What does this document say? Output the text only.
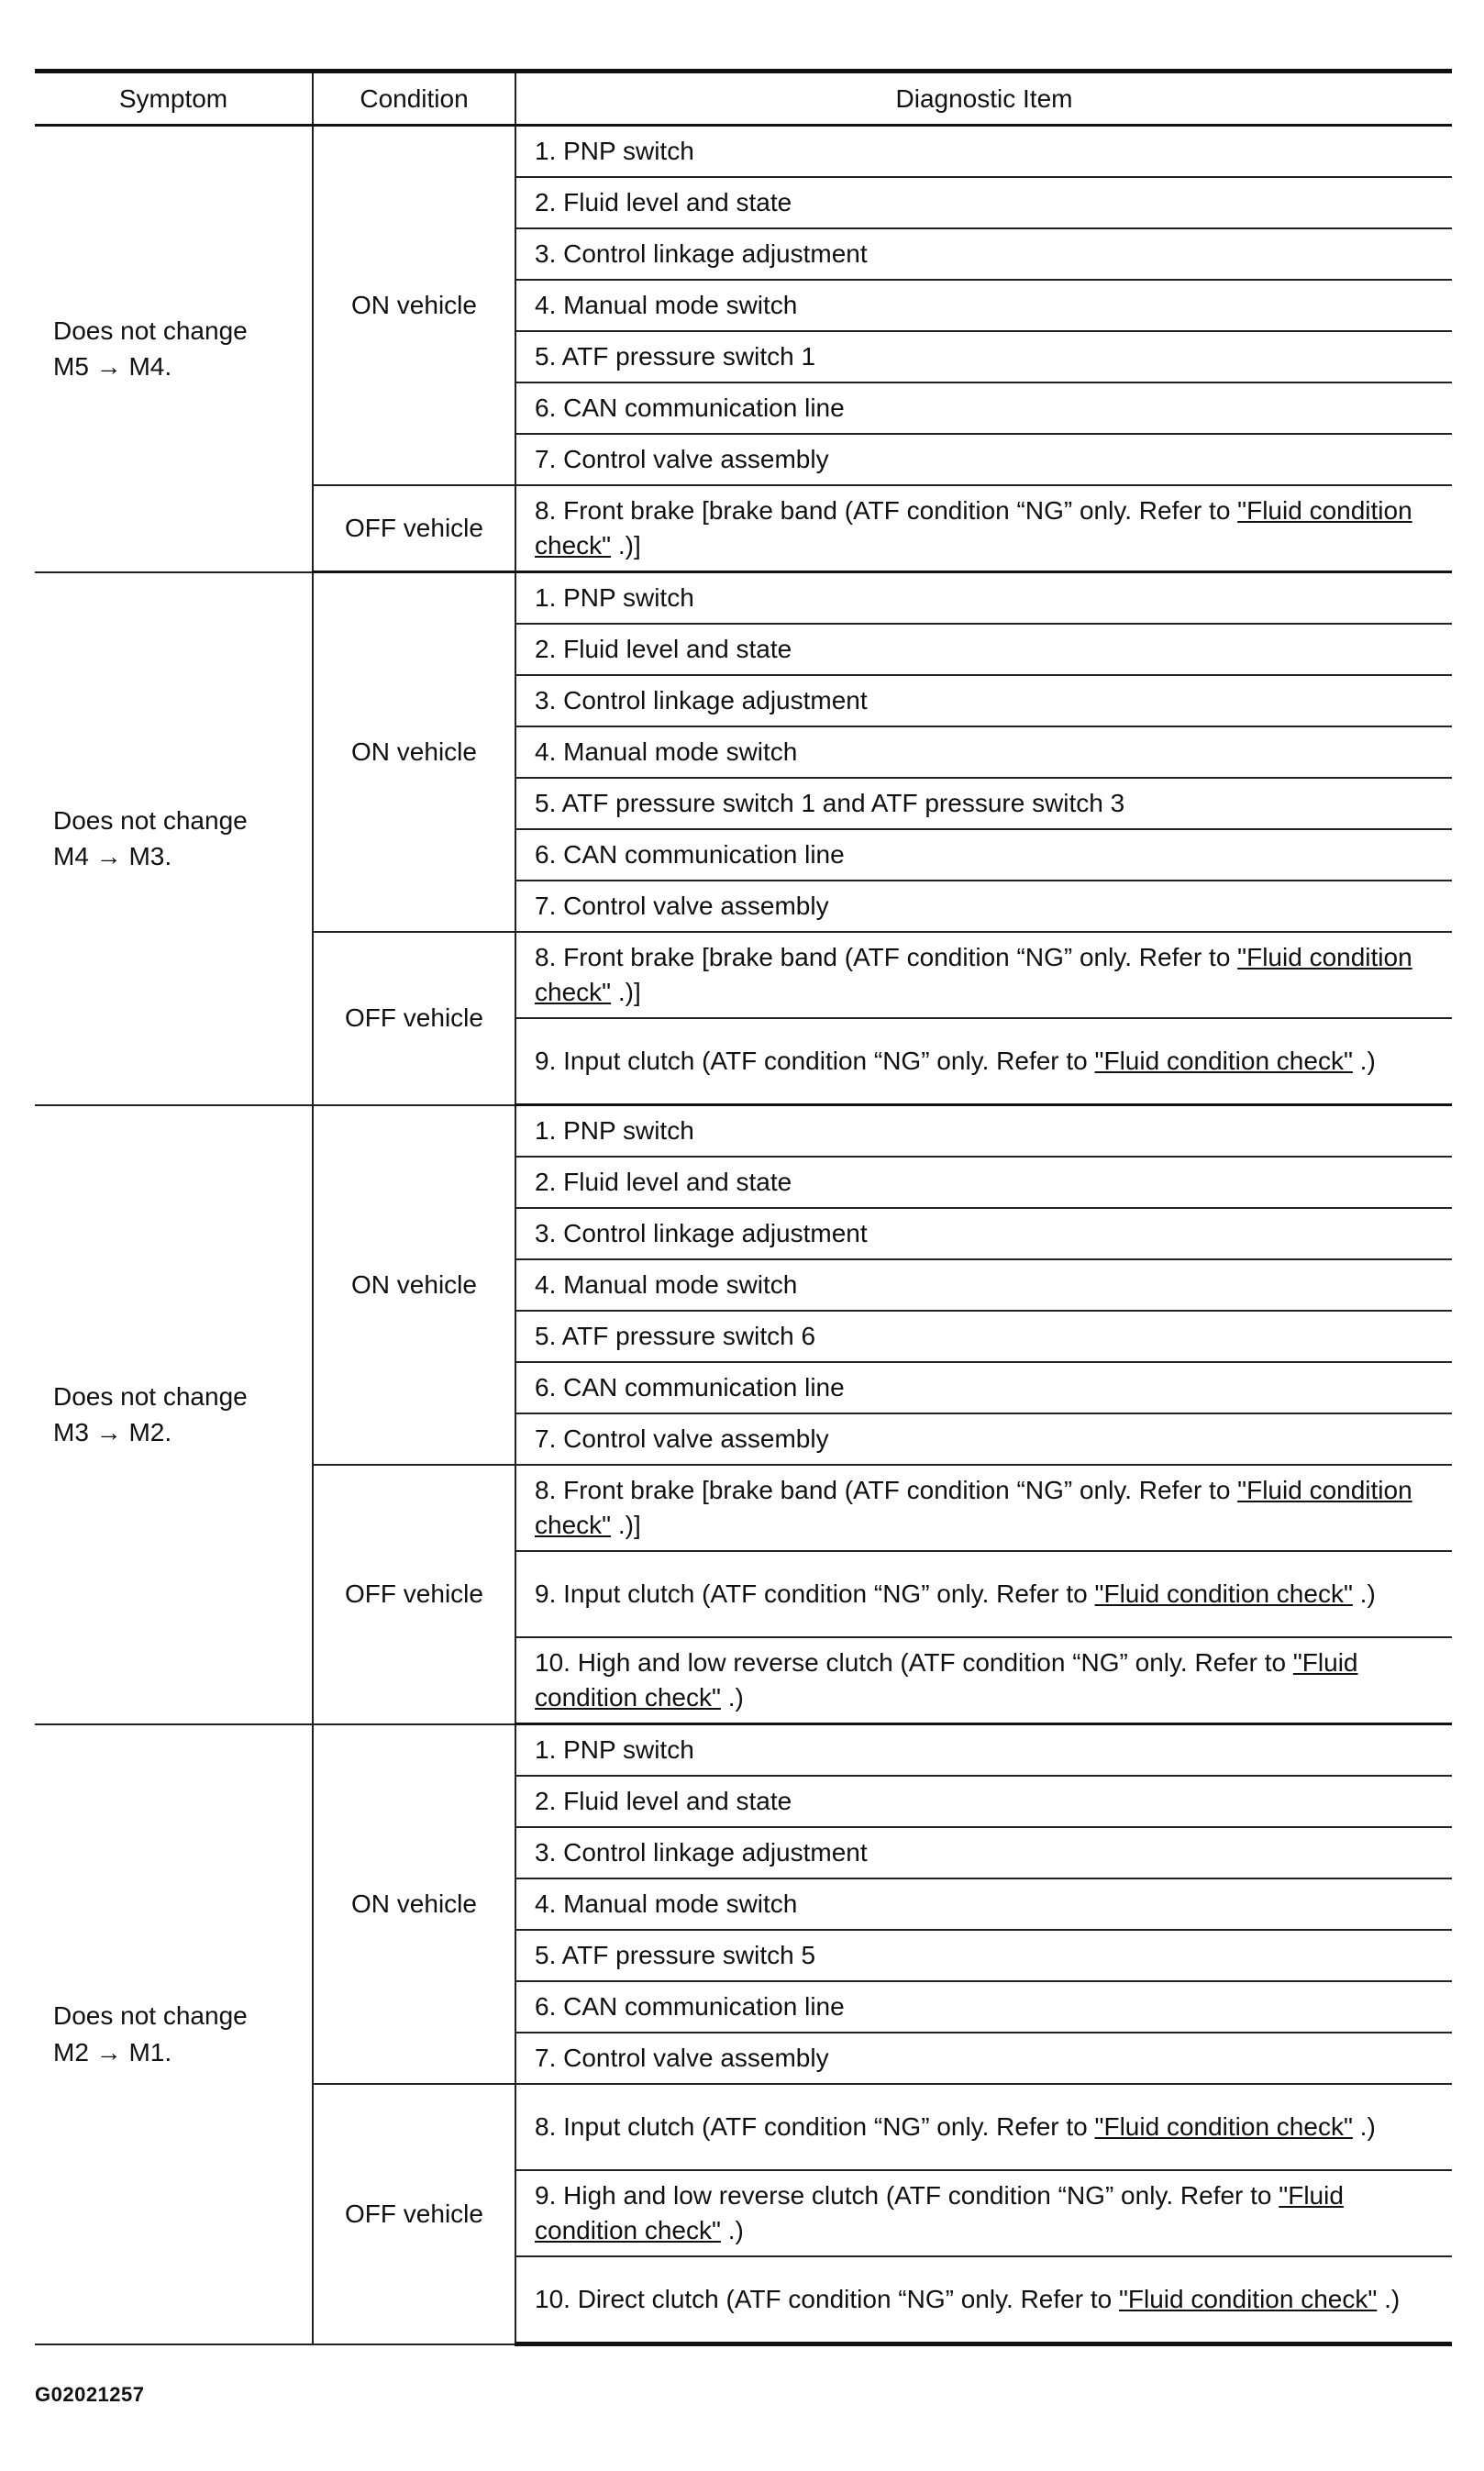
Symptom	Condition	Diagnostic Item

Does not change
M5 → M4.	ON vehicle	1. PNP switch
		2. Fluid level and state
		3. Control linkage adjustment
		4. Manual mode switch
		5. ATF pressure switch 1
		6. CAN communication line
		7. Control valve assembly
	OFF vehicle	8. Front brake [brake band (ATF condition “NG” only. Refer to "Fluid condition check" .)]

Does not change
M4 → M3.	ON vehicle	1. PNP switch
		2. Fluid level and state
		3. Control linkage adjustment
		4. Manual mode switch
		5. ATF pressure switch 1 and ATF pressure switch 3
		6. CAN communication line
		7. Control valve assembly
	OFF vehicle	8. Front brake [brake band (ATF condition “NG” only. Refer to "Fluid condition check" .)]
		9. Input clutch (ATF condition “NG” only. Refer to "Fluid condition check" .)

Does not change
M3 → M2.	ON vehicle	1. PNP switch
		2. Fluid level and state
		3. Control linkage adjustment
		4. Manual mode switch
		5. ATF pressure switch 6
		6. CAN communication line
		7. Control valve assembly
	OFF vehicle	8. Front brake [brake band (ATF condition “NG” only. Refer to "Fluid condition check" .)]
		9. Input clutch (ATF condition “NG” only. Refer to "Fluid condition check" .)
		10. High and low reverse clutch (ATF condition “NG” only. Refer to "Fluid condition check" .)

Does not change
M2 → M1.	ON vehicle	1. PNP switch
		2. Fluid level and state
		3. Control linkage adjustment
		4. Manual mode switch
		5. ATF pressure switch 5
		6. CAN communication line
		7. Control valve assembly
	OFF vehicle	8. Input clutch (ATF condition “NG” only. Refer to "Fluid condition check" .)
		9. High and low reverse clutch (ATF condition “NG” only. Refer to "Fluid condition check" .)
		10. Direct clutch (ATF condition “NG” only. Refer to "Fluid condition check" .)
G02021257
